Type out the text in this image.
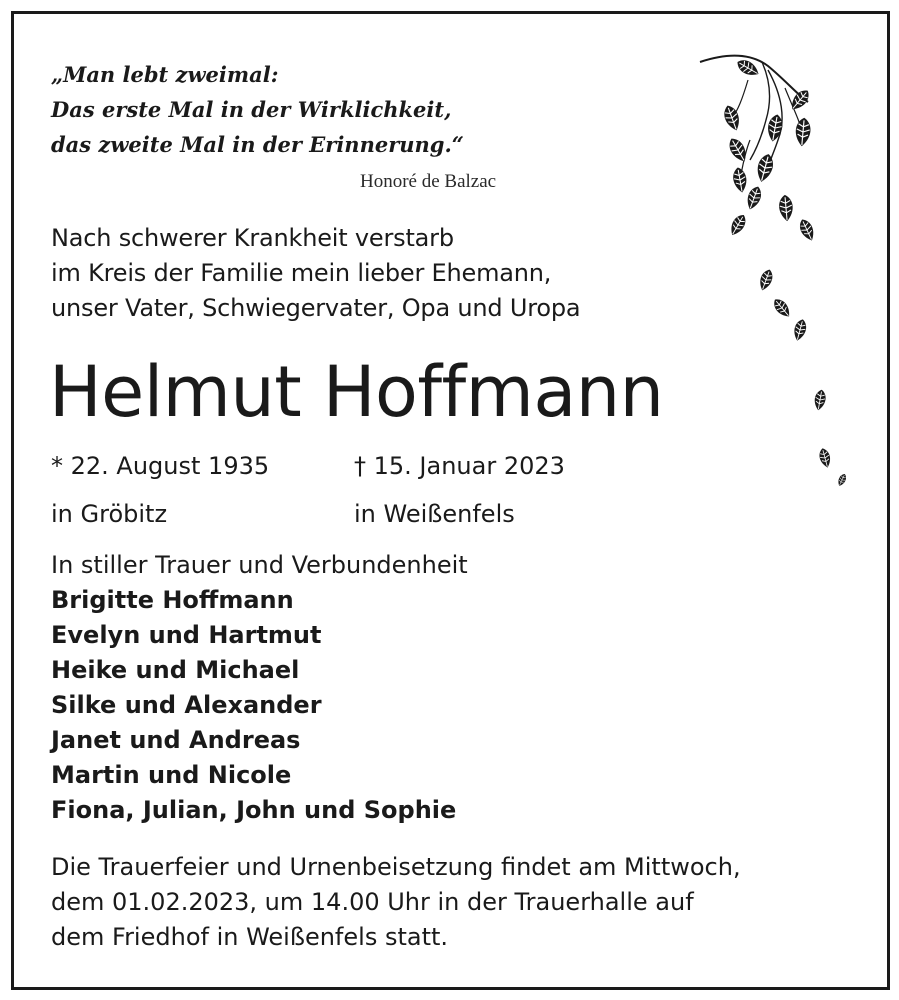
„Man lebt zweimal:
Das erste Mal in der Wirklichkeit,
das zweite Mal in der Erinnerung.“
Honoré de Balzac
Nach schwerer Krankheit verstarb
im Kreis der Familie mein lieber Ehemann,
unser Vater, Schwiegervater, Opa und Uropa
Helmut Hoffmann
* 22. August 1935	† 15. Januar 2023
in Gröbitz	in Weißenfels
In stiller Trauer und Verbundenheit
Brigitte Hoffmann
Evelyn und Hartmut
Heike und Michael
Silke und Alexander
Janet und Andreas
Martin und Nicole
Fiona, Julian, John und Sophie
Die Trauerfeier und Urnenbeisetzung findet am Mittwoch,
dem 01.02.2023, um 14.00 Uhr in der Trauerhalle auf
dem Friedhof in Weißenfels statt.
